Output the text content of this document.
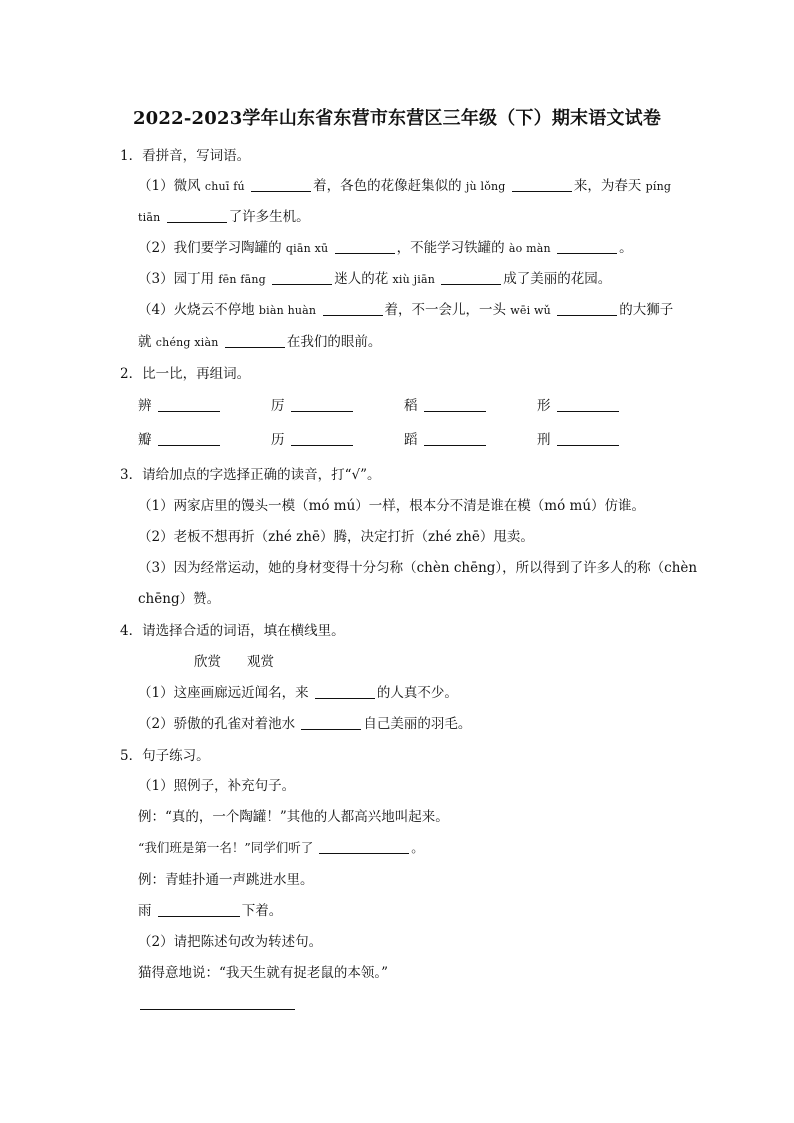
2022-2023学年山东省东营市东营区三年级（下）期末语文试卷
1．看拼音，写词语。
（1）微风 chuī fú	着，各色的花像赶集似的 jù lǒng	来，为春天 píng
tiān	了许多生机。
（2）我们要学习陶罐的 qiān xū	，不能学习铁罐的 ào màn	。
（3）园丁用 fēn fāng	迷人的花 xiù jiān	成了美丽的花园。
（4）火烧云不停地 biàn huàn	着，不一会儿，一头 wēi wǔ	的大狮子
就 chéng xiàn	在我们的眼前。
2．比一比，再组词。
辨	厉	稻	形
瓣	历	蹈	刑
3．请给加点的字选择正确的读音，打“√”。
（1）两家店里的馒头一模（mó mú）一样，根本分不清是谁在模（mó mú）仿谁。
（2）老板不想再折（zhé zhē）腾，决定打折（zhé zhē）甩卖。
（3）因为经常运动，她的身材变得十分匀称（chèn chēng），所以得到了许多人的称（chèn
chēng）赞。
4．请选择合适的词语，填在横线里。
欣赏 观赏
（1）这座画廊远近闻名，来	的人真不少。
（2）骄傲的孔雀对着池水	自己美丽的羽毛。
5．句子练习。
（1）照例子，补充句子。
例：“真的，一个陶罐！”其他的人都高兴地叫起来。
“我们班是第一名！”同学们听了	。
例：青蛙扑通一声跳进水里。
雨	下着。
（2）请把陈述句改为转述句。
猫得意地说：“我天生就有捉老鼠的本领。”
